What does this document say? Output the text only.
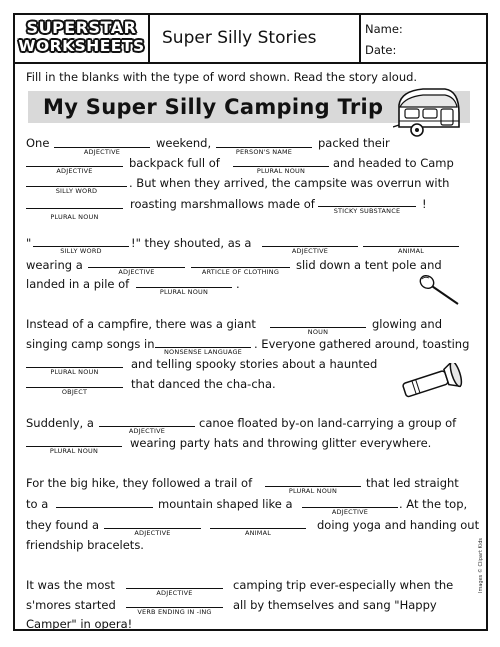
SUPERSTAR
WORKSHEETS	Super Silly Stories	Name:
Date:
Fill in the blanks with the type of word shown. Read the story aloud.
My Super Silly Camping Trip
One
ADJECTIVE
weekend,
PERSON'S NAME
packed their
ADJECTIVE
backpack full of
PLURAL NOUN
and headed to Camp
SILLY WORD
. But when they arrived, the campsite was overrun with
PLURAL NOUN
roasting marshmallows made of	STICKY SUBSTANCE	!
"
SILLY WORD
!" they shouted, as a
ADJECTIVE	ANIMAL
wearing a	ADJECTIVE	ARTICLE OF CLOTHING	slid down a tent pole and
landed in a pile of
PLURAL NOUN
.
Instead of a campfire, there was a giant
NOUN
glowing and
singing camp songs in
NONSENSE LANGUAGE
. Everyone gathered around, toasting
PLURAL NOUN
and telling spooky stories about a haunted
OBJECT
that danced the cha-cha.
Suddenly, a
ADJECTIVE
canoe floated by-on land-carrying a group of
PLURAL NOUN
wearing party hats and throwing glitter everywhere.
For the big hike, they followed a trail of
PLURAL NOUN
that led straight
to a	mountain shaped like a
ADJECTIVE
. At the top,
they found a
ADJECTIVE	ANIMAL
doing yoga and handing out
friendship bracelets.
It was the most
ADJECTIVE
camping trip ever-especially when the
s'mores started	VERB ENDING IN -ING	all by themselves and sang "Happy
Camper" in opera!
Images © Clipart Kids
